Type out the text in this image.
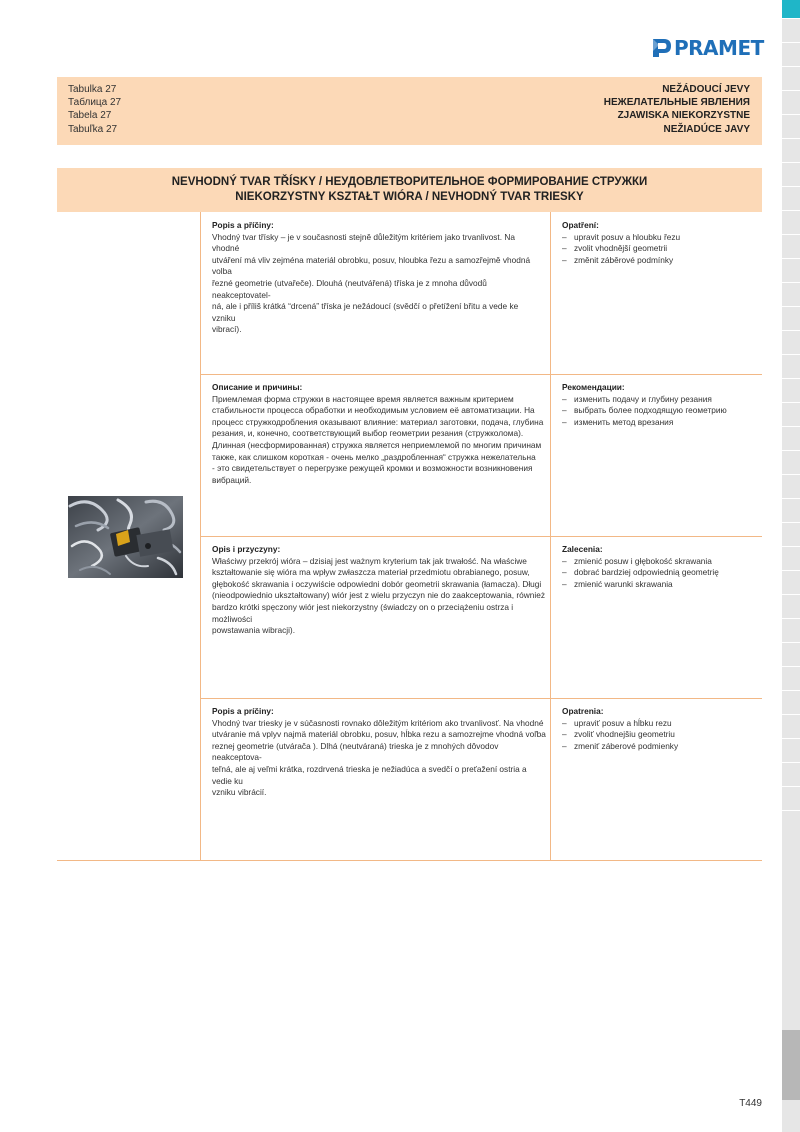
PRAMET
Tabulka 27
Таблица 27
Tabela 27
Tabuľka 27
NEŽÁDOUCÍ JEVY
НЕЖЕЛАТЕЛЬНЫЕ ЯВЛЕНИЯ
ZJAWISKA NIEKORZYSTNE
NEŽIADÚCE JAVY
NEVHODNÝ TVAR TŘÍSKY / НЕУДОВЛЕТВОРИТЕЛЬНОЕ ФОРМИРОВАНИЕ СТРУЖКИ
NIEKORZYSTNY KSZTAŁT WIÓRA / NEVHODNÝ TVAR TRIESKY
Popis a příčiny:
Vhodný tvar třísky – je v současnosti stejně důležitým kritériem jako trvanlivost. Na vhodné
utváření má vliv zejména materiál obrobku, posuv, hloubka řezu a samozřejmě vhodná volba
řezné geometrie (utvařeče). Dlouhá (neutvářená) tříska je z mnoha důvodů neakceptovatel-
ná, ale i příliš krátká “drcená” tříska je nežádoucí (svědčí o přetížení břitu a vede ke vzniku
vibrací).
Opatření:
– upravit posuv a hloubku řezu
– zvolit vhodnější geometrii
– změnit záběrové podmínky
Описание и причины:
Приемлемая форма стружки в настоящее время является важным критерием
стабильности процесса обработки и необходимым условием её автоматизации. На
процесс стружкодробления оказывают влияние: материал заготовки, подача, глубина
резания, и, конечно, соответствующий выбор геометрии резания (стружколома).
Длинная (несформированная) стружка является неприемлемой по многим причинам
также, как слишком короткая - очень мелко „раздробленная“ стружка нежелательна
- это свидетельствует о перегрузке режущей кромки и возможности возникновения
вибраций.
Рекомендации:
– изменить подачу и глубину резания
– выбрать более подходящую геометрию
– изменить метод врезания
Opis i przyczyny:
Właściwy przekrój wióra – dzisiaj jest ważnym kryterium tak jak trwałość. Na właściwe
kształtowanie się wióra ma wpływ zwłaszcza materiał przedmiotu obrabianego, posuw,
głębokość skrawania i oczywiście odpowiedni dobór geometrii skrawania (łamacza). Długi
(nieodpowiednio ukształtowany) wiór jest z wielu przyczyn nie do zaakceptowania, również
bardzo krótki spęczony wiór jest niekorzystny (świadczy on o przeciążeniu ostrza i możliwości
powstawania wibracji).
Zalecenia:
– zmienić posuw i głębokość skrawania
– dobrać bardziej odpowiednią geometrię
– zmienić warunki skrawania
Popis a príčiny:
Vhodný tvar triesky je v súčasnosti rovnako dôležitým kritériom ako trvanlivosť. Na vhodné
utváranie má vplyv najmä materiál obrobku, posuv, hĺbka rezu a samozrejme vhodná voľba
reznej geometrie (utvárača ). Dlhá (neutváraná) trieska je z mnohých dôvodov neakceptova-
teľná, ale aj veľmi krátka, rozdrvená trieska je nežiadúca a svedčí o preťažení ostria a vedie ku
vzniku vibrácií.
Opatrenia:
– upraviť posuv a hĺbku rezu
– zvoliť vhodnejšiu geometriu
– zmeniť záberové podmienky
T449
